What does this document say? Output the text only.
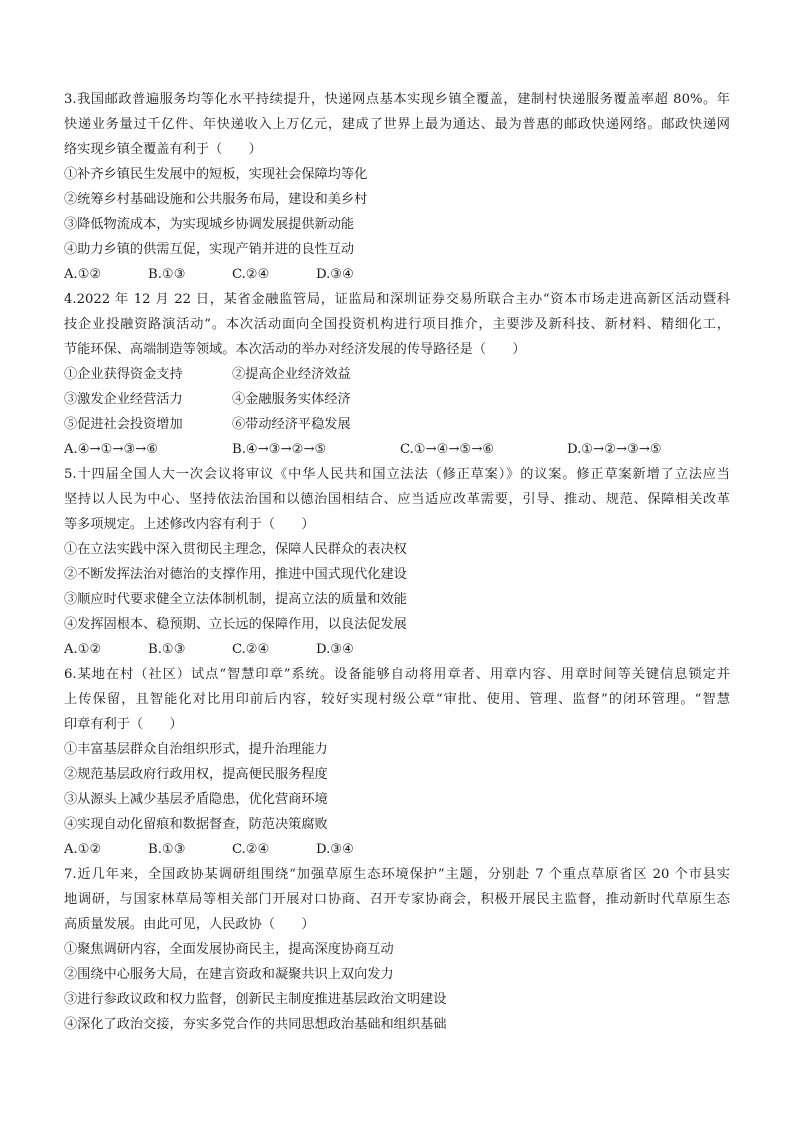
3.我国邮政普遍服务均等化水平持续提升，快递网点基本实现乡镇全覆盖，建制村快递服务覆盖率超 80%。年
快递业务量过千亿件、年快递收入上万亿元，建成了世界上最为通达、最为普惠的邮政快递网络。邮政快递网
络实现乡镇全覆盖有利于（　　）
①补齐乡镇民生发展中的短板，实现社会保障均等化
②统筹乡村基础设施和公共服务布局，建设和美乡村
③降低物流成本，为实现城乡协调发展提供新动能
④助力乡镇的供需互促，实现产销并进的良性互动
A.①②	B.①③	C.②④	D.③④
4.2022 年 12 月 22 日，某省金融监管局，证监局和深圳证券交易所联合主办“资本市场走进高新区活动暨科
技企业投融资路演活动”。本次活动面向全国投资机构进行项目推介，主要涉及新科技、新材料、精细化工，
节能环保、高端制造等领域。本次活动的举办对经济发展的传导路径是（　　）
①企业获得资金支持	②提高企业经济效益
③激发企业经营活力	④金融服务实体经济
⑤促进社会投资增加	⑥带动经济平稳发展
A.④→①→③→⑥	B.④→③→②→⑤	C.①→④→⑤→⑥	D.①→②→③→⑤
5.十四届全国人大一次会议将审议《中华人民共和国立法法（修正草案）》的议案。修正草案新增了立法应当
坚持以人民为中心、坚持依法治国和以德治国相结合、应当适应改革需要，引导、推动、规范、保障相关改革
等多项规定。上述修改内容有利于（　　）
①在立法实践中深入贯彻民主理念，保障人民群众的表决权
②不断发挥法治对德治的支撑作用，推进中国式现代化建设
③顺应时代要求健全立法体制机制，提高立法的质量和效能
④发挥固根本、稳预期、立长远的保障作用，以良法促发展
A.①②	B.①③	C.②④	D.③④
6.某地在村（社区）试点“智慧印章”系统。设备能够自动将用章者、用章内容、用章时间等关键信息锁定并
上传保留，且智能化对比用印前后内容，较好实现村级公章“审批、使用、管理、监督”的闭环管理。“智慧
印章有利于（　　）
①丰富基层群众自治组织形式，提升治理能力
②规范基层政府行政用权，提高便民服务程度
③从源头上减少基层矛盾隐患，优化营商环境
④实现自动化留痕和数据督查，防范决策腐败
A.①②	B.①③	C.②④	D.③④
7.近几年来，全国政协某调研组围绕“加强草原生态环境保护”主题，分别赴 7 个重点草原省区 20 个市县实
地调研，与国家林草局等相关部门开展对口协商、召开专家协商会，积极开展民主监督，推动新时代草原生态
高质量发展。由此可见，人民政协（　　）
①聚焦调研内容，全面发展协商民主，提高深度协商互动
②围绕中心服务大局，在建言资政和凝聚共识上双向发力
③进行参政议政和权力监督，创新民主制度推进基层政治文明建设
④深化了政治交接，夯实多党合作的共同思想政治基础和组织基础
